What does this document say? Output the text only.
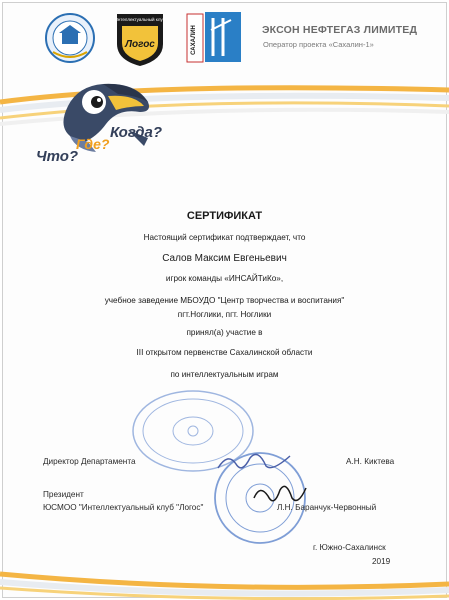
Интеллектуальный клуб
Логос	САХАЛИН	ЭКСОН НЕФТЕГАЗ ЛИМИТЕД
Оператор проекта «Сахалин-1»
Что?
Где?
Когда?
СЕРТИФИКАТ
Настоящий сертификат подтверждает, что
Салов Максим Евгеньевич
игрок команды «ИНСАЙТиКо»,
учебное заведение МБОУДО "Центр творчества и воспитания"
пгт.Ноглики, пгт. Ноглики
принял(а) участие в
III открытом первенстве Сахалинской области
по интеллектуальным играм
Директор Департамента	А.Н. Киктева
Президент
ЮСМОО "Интеллектуальный клуб "Логос"	Л.Н. Баранчук-Червонный
г. Южно-Сахалинск
2019
